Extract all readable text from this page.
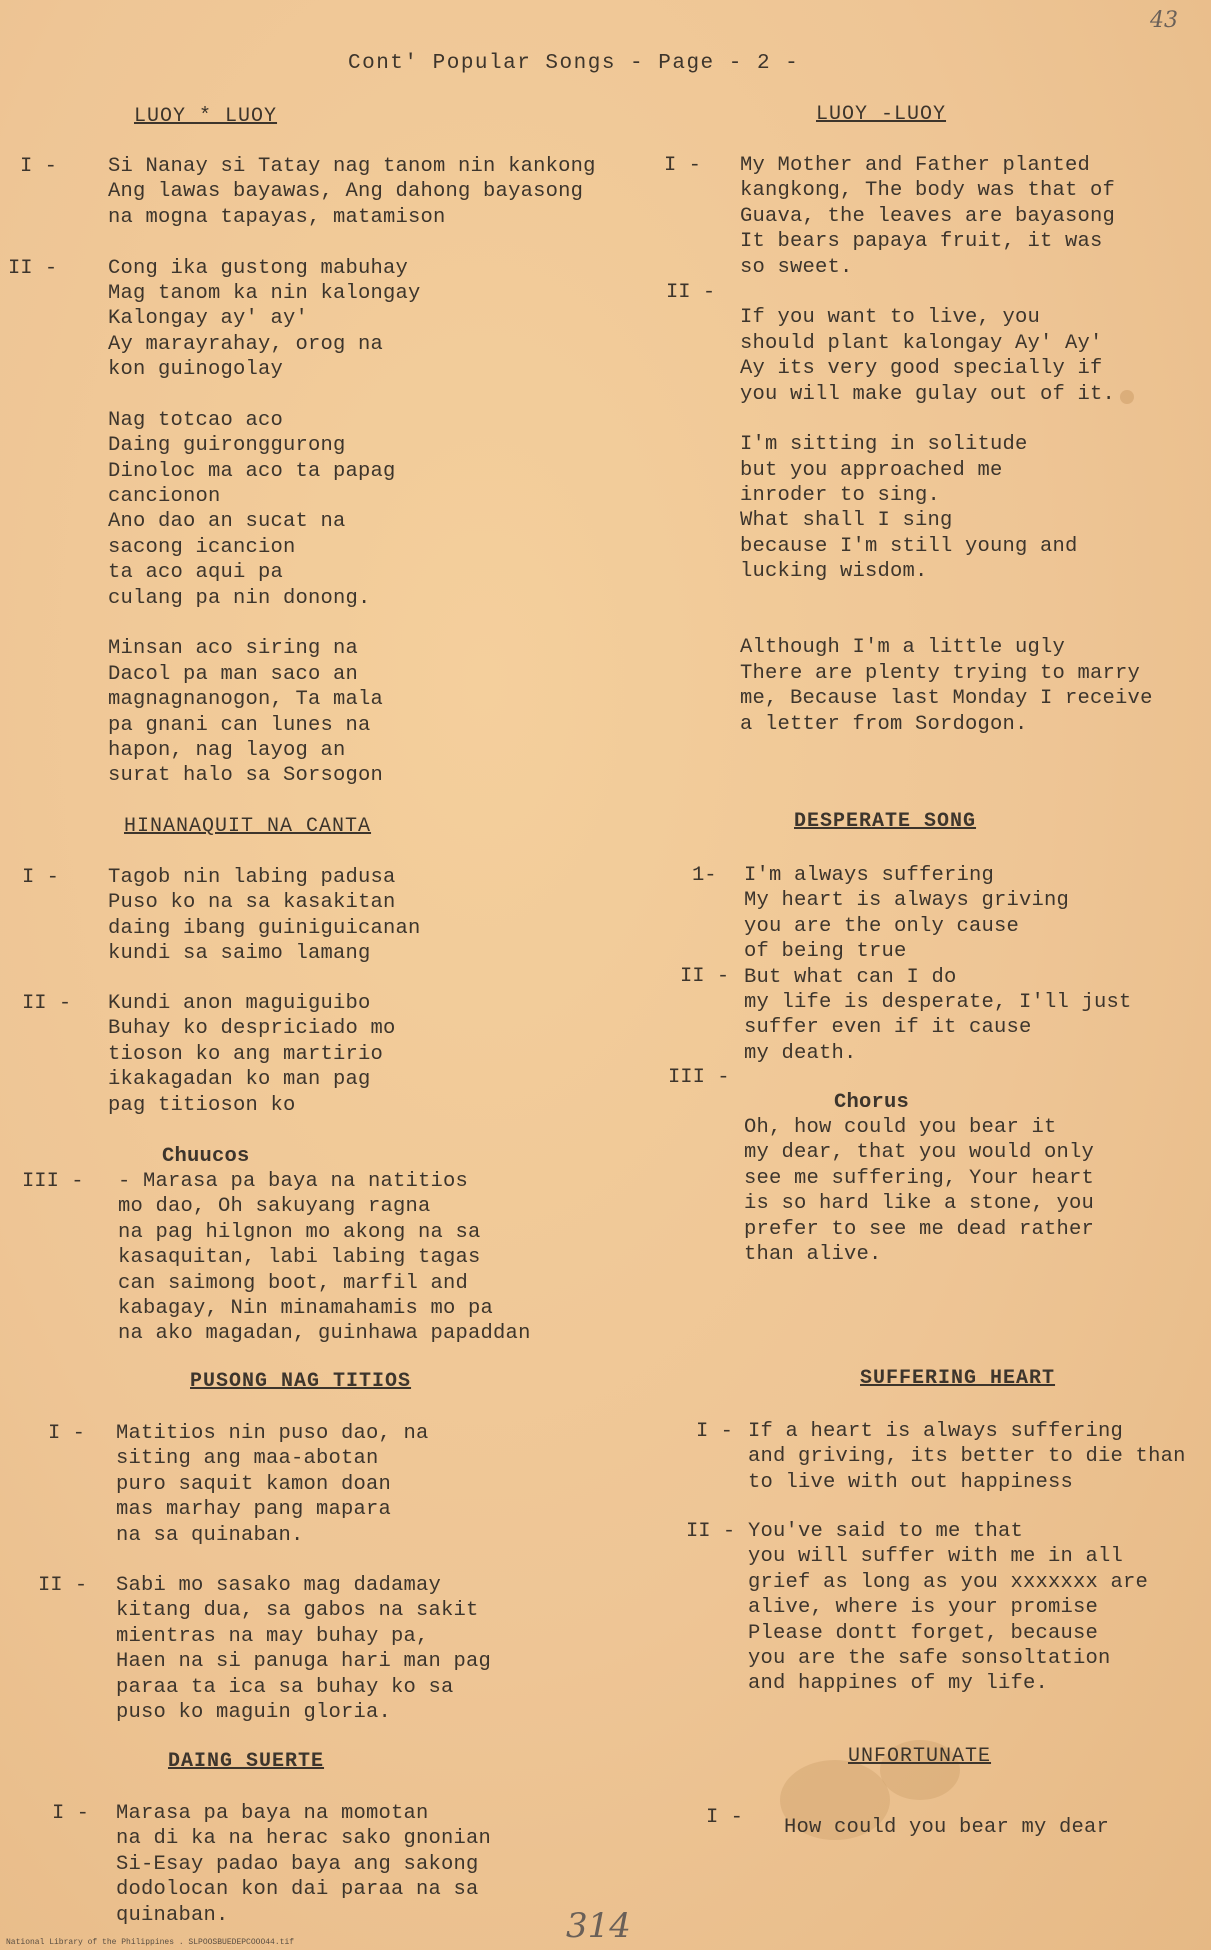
Cont' Popular Songs - Page - 2 -

43

LUOY * LUOY

I -

II -

Si Nanay si Tatay nag tanom nin kankong
Ang lawas bayawas, Ang dahong bayasong
na mogna tapayas, matamison
Cong ika gustong mabuhay
Mag tanom ka nin kalongay
Kalongay ay' ay'
Ay marayrahay, orog na
kon guinogolay
Nag totcao aco
Daing guironggurong
Dinoloc ma aco ta papag
cancionon
Ano dao an sucat na
sacong icancion
ta aco aqui pa
culang pa nin donong.
Minsan aco siring na
Dacol pa man saco an
magnagnanogon, Ta mala
pa gnani can lunes na
hapon, nag layog an
surat halo sa Sorsogon

HINANAQUIT NA CANTA

I -

II -

III -

Tagob nin labing padusa
Puso ko na sa kasakitan
daing ibang guiniguicanan
kundi sa saimo lamang
Kundi anon maguiguibo
Buhay ko despriciado mo
tioson ko ang martirio
ikakagadan ko man pag
pag titioson ko

Chuucos

- Marasa pa baya na natitios
mo dao, Oh sakuyang ragna
na pag hilgnon mo akong na sa
kasaquitan, labi labing tagas
can saimong boot, marfil and
kabagay, Nin minamahamis mo pa
na ako magadan, guinhawa papaddan

PUSONG NAG TITIOS

I -

II -

Matitios nin puso dao, na
siting ang maa-abotan
puro saquit kamon doan
mas marhay pang mapara
na sa quinaban.
Sabi mo sasako mag dadamay
kitang dua, sa gabos na sakit
mientras na may buhay pa,
Haen na si panuga hari man pag
paraa ta ica sa buhay ko sa
puso ko maguin gloria.

DAING SUERTE

I - Marasa pa baya na momotan
na di ka na herac sako gnonian
Si-Esay padao baya ang sakong
dodolocan kon dai paraa na sa
quinaban.

LUOY -LUOY

I -

II -

My Mother and Father planted
kangkong, The body was that of
Guava, the leaves are bayasong
It bears papaya fruit, it was
so sweet.
If you want to live, you
should plant kalongay Ay' Ay'
Ay its very good specially if
you will make gulay out of it.
I'm sitting in solitude
but you approached me
inroder to sing.
What shall I sing
because I'm still young and
lucking wisdom.
Although I'm a little ugly
There are plenty trying to marry
me, Because last Monday I receive
a letter from Sordogon.

DESPERATE SONG

1-

II -

III -

I'm always suffering
My heart is always griving
you are the only cause
of being true
But what can I do
my life is desperate, I'll just
suffer even if it cause
my death.

Chorus

Oh, how could you bear it
my dear, that you would only
see me suffering, Your heart
is so hard like a stone, you
prefer to see me dead rather
than alive.

SUFFERING HEART

I -

II -

If a heart is always suffering
and griving, its better to die than
to live with out happiness
You've said to me that
you will suffer with me in all
grief as long as you xxxxxxx are
alive, where is your promise
Please dontt forget, because
you are the safe sonsoltation
and happines of my life.

UNFORTUNATE

I - How could you bear my dear

314

National Library of the Philippines . SLPOOSBUEDEPCOOO44.tif
